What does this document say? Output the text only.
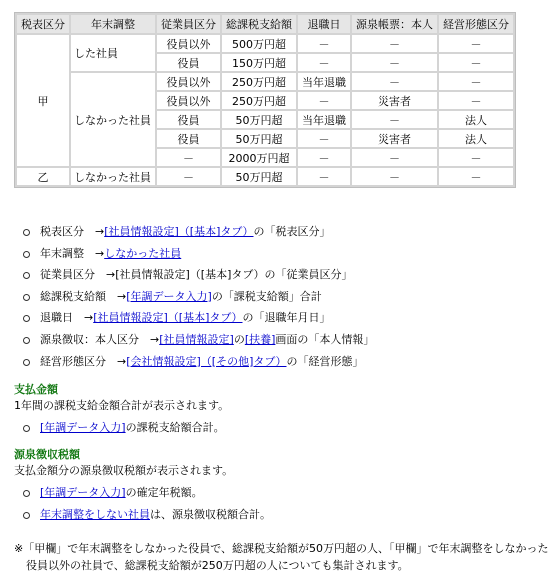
税表区分	年末調整	従業員区分	総課税支給額	退職日	源泉帳票：本人	経営形態区分
甲	した社員	役員以外	500万円超	－	－	－
		役員	150万円超	－	－	－
	しなかった社員	役員以外	250万円超	当年退職	－	－
		役員以外	250万円超	－	災害者	－
		役員	50万円超	当年退職	－	法人
		役員	50万円超	－	災害者	法人
		－	2000万円超	－	－	－
乙	しなかった社員	－	50万円超	－	－	－
税表区分　→[社員情報設定]（[基本]タブ）の「税表区分」
年末調整　→しなかった社員
従業員区分　→[社員情報設定]（[基本]タブ）の「従業員区分」
総課税支給額　→[年調データ入力]の「課税支給額」合計
退職日　→[社員情報設定]（[基本]タブ）の「退職年月日」
源泉徴収：本人区分　→[社員情報設定]の[扶養]画面の「本人情報」
経営形態区分　→[会社情報設定]（[その他]タブ）の「経営形態」
支払金額
1年間の課税支給金額合計が表示されます。
[年調データ入力]の課税支給額合計。
源泉徴収税額
支払金額分の源泉徴収税額が表示されます。
[年調データ入力]の確定年税額。
年末調整をしない社員は、源泉徴収税額合計。
※「甲欄」で年末調整をしなかった役員で、総課税支給額が50万円超の人、「甲欄」で年末調整をしなかった
役員以外の社員で、総課税支給額が250万円超の人についても集計されます。
